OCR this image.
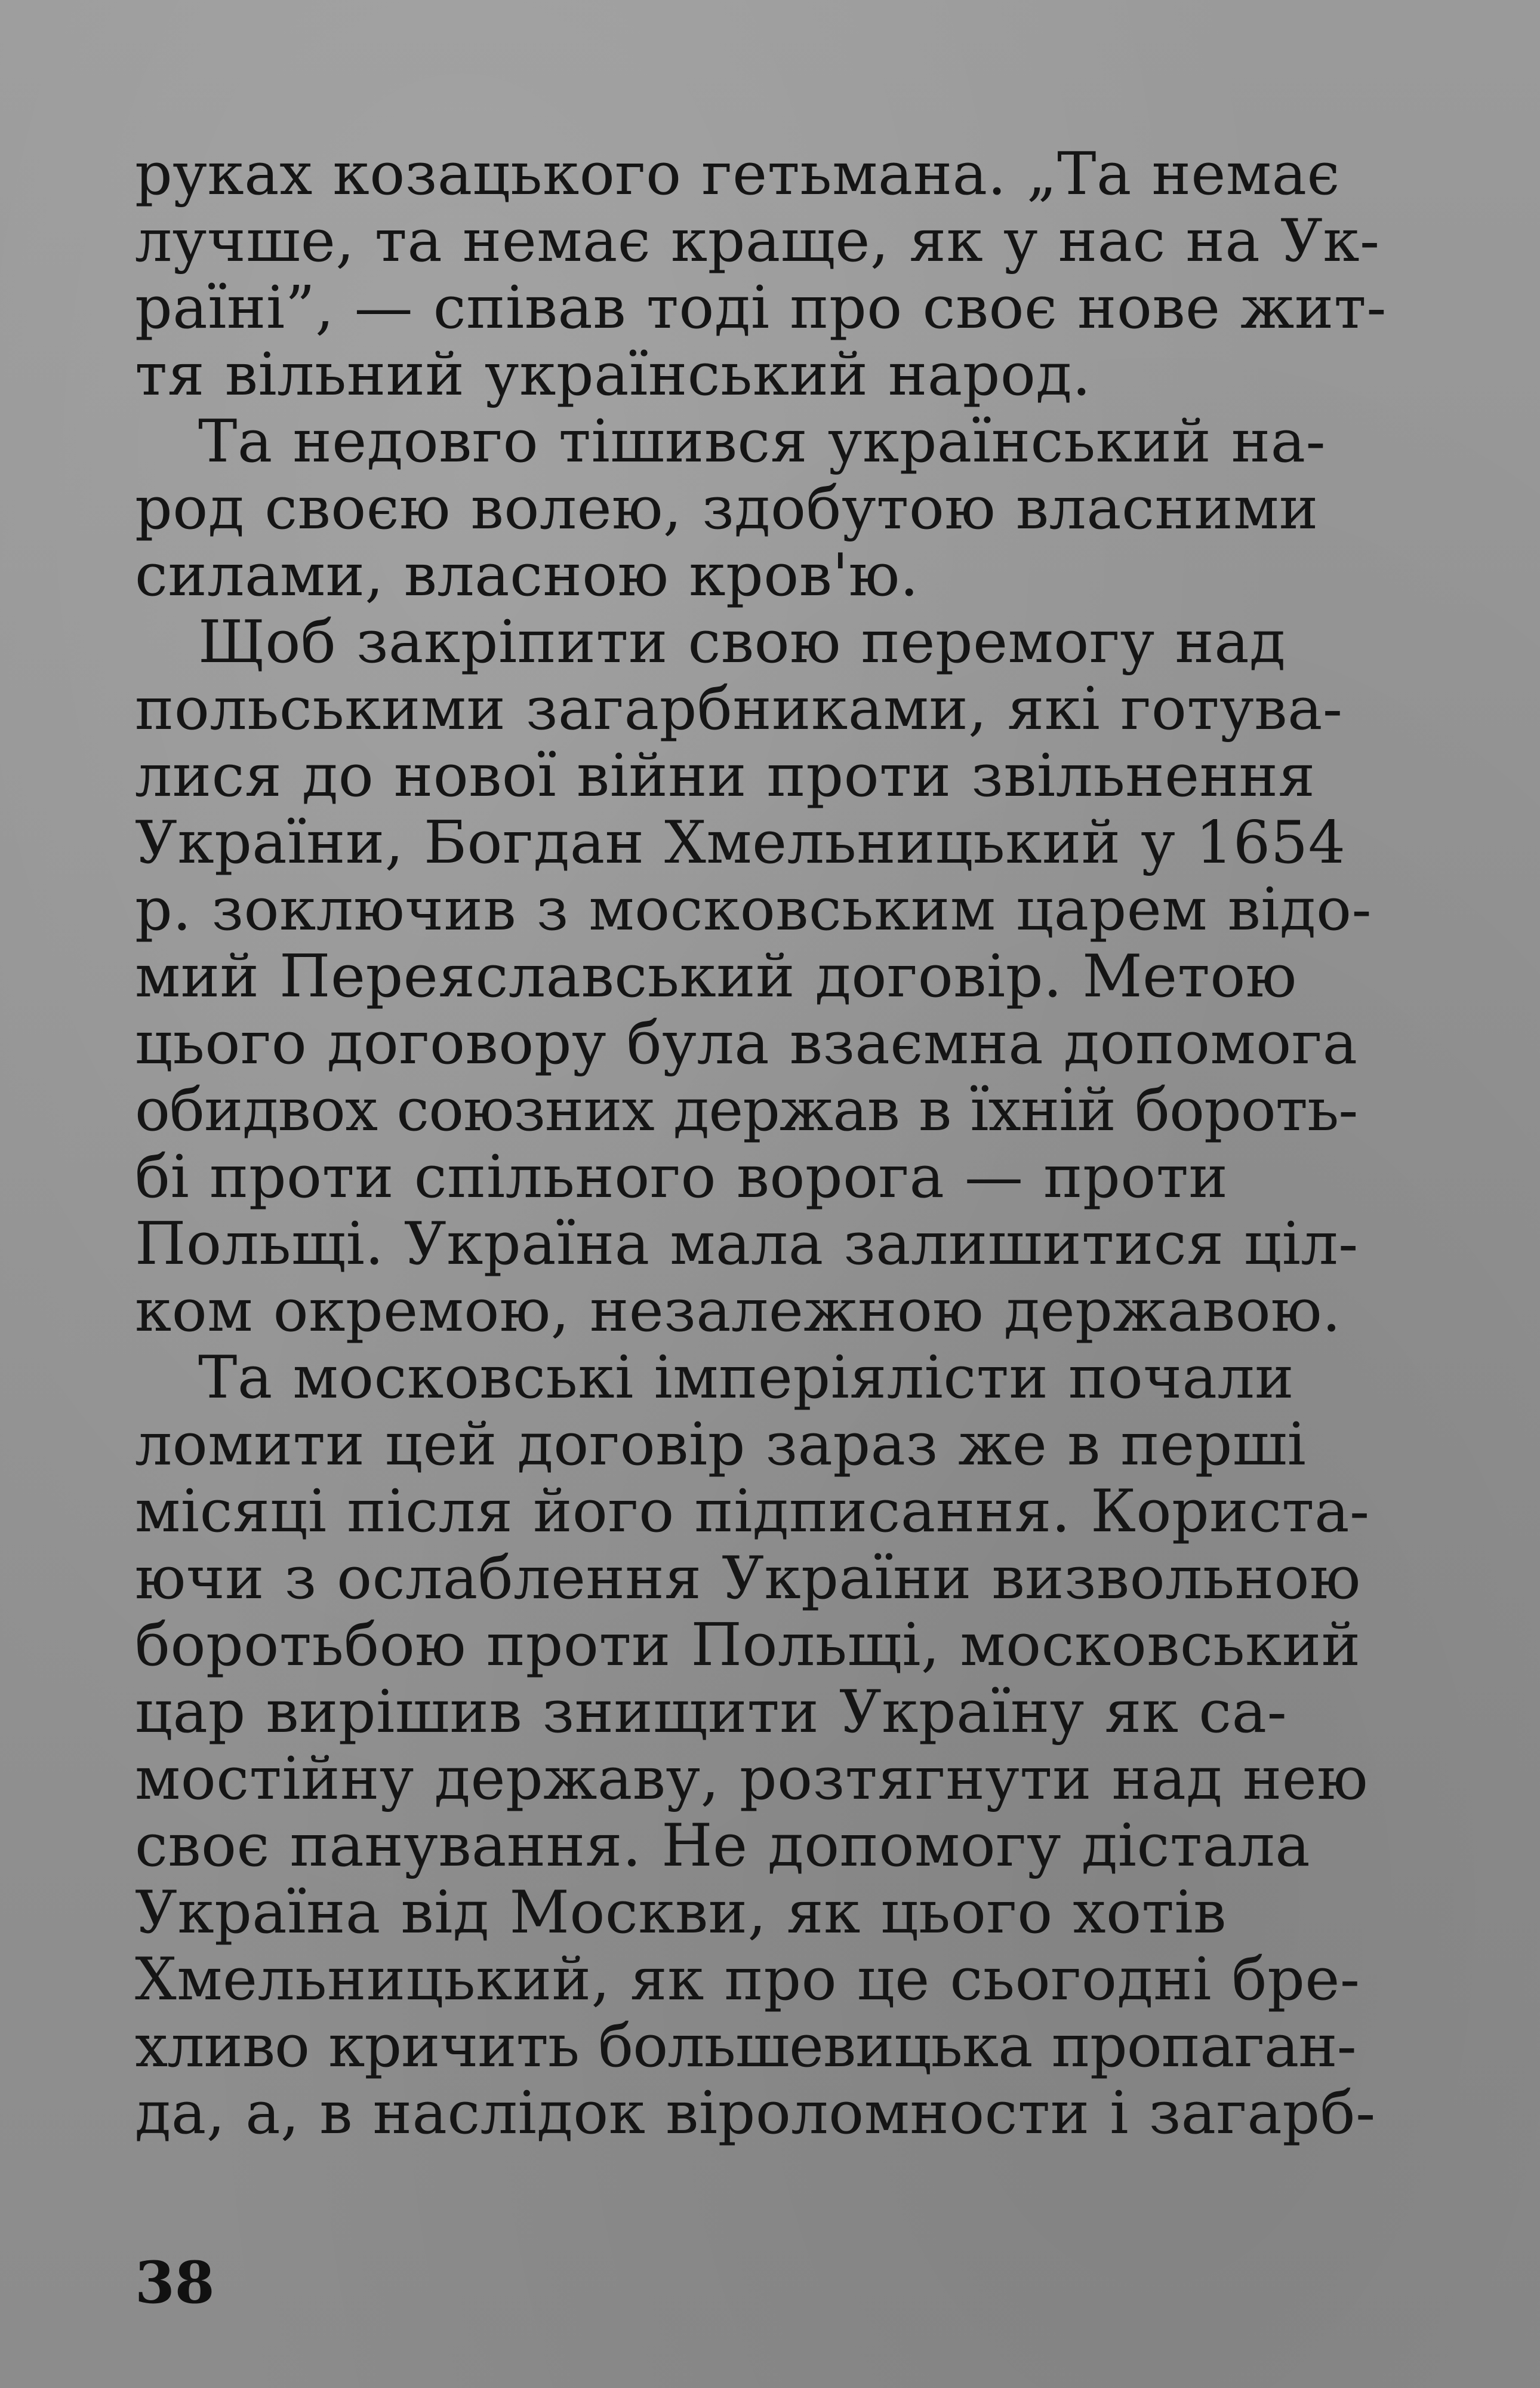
руках козацького гетьмана. „Та немає
лучше, та немає краще, як у нас на Ук-
раїні”, — співав тоді про своє нове жит-
тя вільний український народ.

Та недовго тішився український на-
род своєю волею, здобутою власними
силами, власною кров'ю.

Щоб закріпити свою перемогу над
польськими загарбниками, які готува-
лися до нової війни проти звільнення
України, Богдан Хмельницький у 1654
р. зоключив з московським царем відо-
мий Переяславський договір. Метою
цього договору була взаємна допомога
обидвох союзних держав в їхній бороть-
бі проти спільного ворога — проти
Польщі. Україна мала залишитися ціл-
ком окремою, незалежною державою.

Та московські імперіялісти почали
ломити цей договір зараз же в перші
місяці після його підписання. Користа-
ючи з ослаблення України визвольною
боротьбою проти Польщі, московський
цар вирішив знищити Україну як са-
мостійну державу, розтягнути над нею
своє панування. Не допомогу дістала
Україна від Москви, як цього хотів
Хмельницький, як про це сьогодні бре-
хливо кричить большевицька пропаган-
да, а, в наслідок віроломности і загарб-

38
